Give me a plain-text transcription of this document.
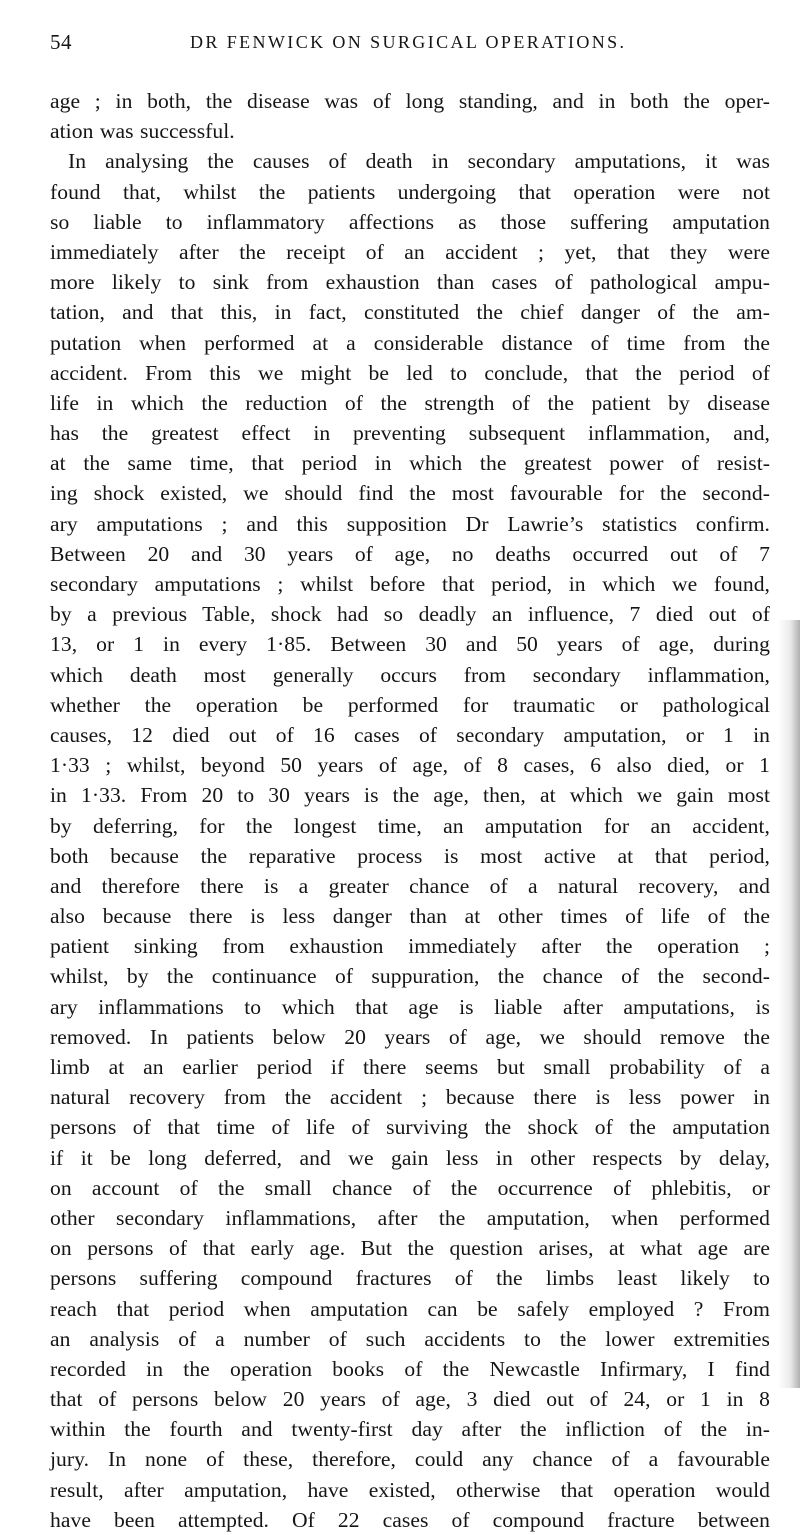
54	DR FENWICK ON SURGICAL OPERATIONS.
age ; in both, the disease was of long standing, and in both the oper-
ation was successful.
In analysing the causes of death in secondary amputations, it was
found that, whilst the patients undergoing that operation were not
so liable to inflammatory affections as those suffering amputation
immediately after the receipt of an accident ; yet, that they were
more likely to sink from exhaustion than cases of pathological ampu-
tation, and that this, in fact, constituted the chief danger of the am-
putation when performed at a considerable distance of time from the
accident. From this we might be led to conclude, that the period of
life in which the reduction of the strength of the patient by disease
has the greatest effect in preventing subsequent inflammation, and,
at the same time, that period in which the greatest power of resist-
ing shock existed, we should find the most favourable for the second-
ary amputations ; and this supposition Dr Lawrie’s statistics confirm.
Between 20 and 30 years of age, no deaths occurred out of 7
secondary amputations ; whilst before that period, in which we found,
by a previous Table, shock had so deadly an influence, 7 died out of
13, or 1 in every 1·85. Between 30 and 50 years of age, during
which death most generally occurs from secondary inflammation,
whether the operation be performed for traumatic or pathological
causes, 12 died out of 16 cases of secondary amputation, or 1 in
1·33 ; whilst, beyond 50 years of age, of 8 cases, 6 also died, or 1
in 1·33. From 20 to 30 years is the age, then, at which we gain most
by deferring, for the longest time, an amputation for an accident,
both because the reparative process is most active at that period,
and therefore there is a greater chance of a natural recovery, and
also because there is less danger than at other times of life of the
patient sinking from exhaustion immediately after the operation ;
whilst, by the continuance of suppuration, the chance of the second-
ary inflammations to which that age is liable after amputations, is
removed. In patients below 20 years of age, we should remove the
limb at an earlier period if there seems but small probability of a
natural recovery from the accident ; because there is less power in
persons of that time of life of surviving the shock of the amputation
if it be long deferred, and we gain less in other respects by delay,
on account of the small chance of the occurrence of phlebitis, or
other secondary inflammations, after the amputation, when performed
on persons of that early age. But the question arises, at what age are
persons suffering compound fractures of the limbs least likely to
reach that period when amputation can be safely employed ? From
an analysis of a number of such accidents to the lower extremities
recorded in the operation books of the Newcastle Infirmary, I find
that of persons below 20 years of age, 3 died out of 24, or 1 in 8
within the fourth and twenty-first day after the infliction of the in-
jury. In none of these, therefore, could any chance of a favourable
result, after amputation, have existed, otherwise that operation would
have been attempted. Of 22 cases of compound fracture between
